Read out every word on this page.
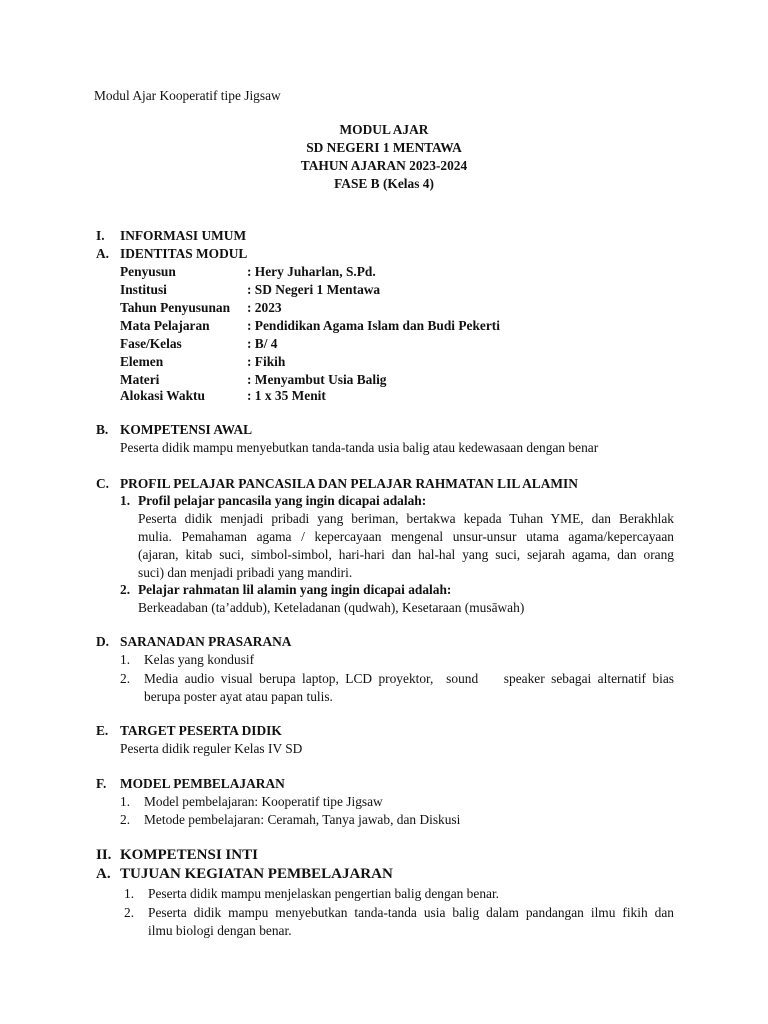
Modul Ajar Kooperatif tipe Jigsaw
MODUL AJAR
SD NEGERI 1 MENTAWA
TAHUN AJARAN 2023-2024
FASE B (Kelas 4)
I. INFORMASI UMUM
A. IDENTITAS MODUL
Penyusun	: Hery Juharlan, S.Pd.
Institusi	: SD Negeri 1 Mentawa
Tahun Penyusunan : 2023
Mata Pelajaran	: Pendidikan Agama Islam dan Budi Pekerti
Fase/Kelas	: B/ 4
Elemen	: Fikih
Materi	: Menyambut Usia Balig
Alokasi Waktu	: 1 x 35 Menit
B. KOMPETENSI AWAL
Peserta didik mampu menyebutkan tanda-tanda usia balig atau kedewasaan dengan benar
C. PROFIL PELAJAR PANCASILA DAN PELAJAR RAHMATAN LIL ALAMIN
1. Profil pelajar pancasila yang ingin dicapai adalah:
Peserta didik menjadi pribadi yang beriman, bertakwa kepada Tuhan YME, dan Berakhlak
mulia. Pemahaman agama / kepercayaan mengenal unsur-unsur utama agama/kepercayaan
(ajaran, kitab suci, simbol-simbol, hari-hari dan hal-hal yang suci, sejarah agama, dan orang
suci) dan menjadi pribadi yang mandiri.
2. Pelajar rahmatan lil alamin yang ingin dicapai adalah:
Berkeadaban (ta’addub), Keteladanan (qudwah), Kesetaraan (musāwah)
D. SARANADAN PRASARANA
1. Kelas yang kondusif
2. Media audio visual berupa laptop, LCD proyektor,  sound    speaker sebagai alternatif bias
berupa poster ayat atau papan tulis.
E. TARGET PESERTA DIDIK
Peserta didik reguler Kelas IV SD
F. MODEL PEMBELAJARAN
1. Model pembelajaran: Kooperatif tipe Jigsaw
2. Metode pembelajaran: Ceramah, Tanya jawab, dan Diskusi
II. KOMPETENSI INTI
A. TUJUAN KEGIATAN PEMBELAJARAN
1. Peserta didik mampu menjelaskan pengertian balig dengan benar.
2. Peserta didik mampu menyebutkan tanda-tanda usia balig dalam pandangan ilmu fikih dan
ilmu biologi dengan benar.
